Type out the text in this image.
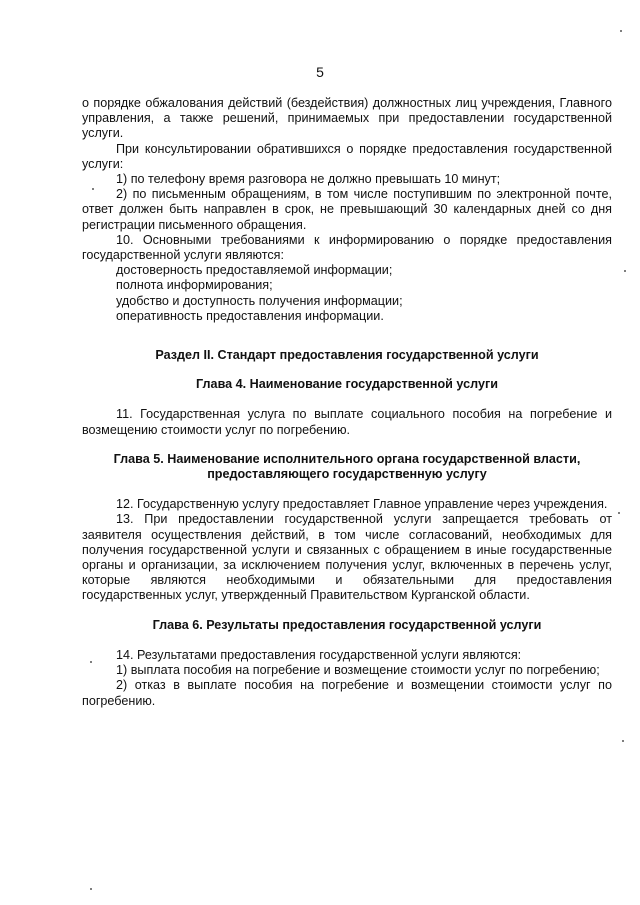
5

о порядке обжалования действий (бездействия) должностных лиц учреждения, Главного управления, а также решений, принимаемых при предоставлении государственной услуги.

При консультировании обратившихся о порядке предоставления государственной услуги:

1) по телефону время разговора не должно превышать 10 минут;

2) по письменным обращениям, в том числе поступившим по электронной почте, ответ должен быть направлен в срок, не превышающий 30 календарных дней со дня регистрации письменного обращения.

10. Основными требованиями к информированию о порядке предоставления государственной услуги являются:

достоверность предоставляемой информации;

полнота информирования;

удобство и доступность получения информации;

оперативность предоставления информации.

Раздел II. Стандарт предоставления государственной услуги

Глава 4. Наименование государственной услуги

11. Государственная услуга по выплате социального пособия на погребение и возмещению стоимости услуг по погребению.

Глава 5. Наименование исполнительного органа государственной власти,

предоставляющего государственную услугу

12. Государственную услугу предоставляет Главное управление через учреждения.

13. При предоставлении государственной услуги запрещается требовать от заявителя осуществления действий, в том числе согласований, необходимых для получения государственной услуги и связанных с обращением в иные государственные органы и организации, за исключением получения услуг, включенных в перечень услуг, которые являются необходимыми и обязательными для предоставления государственных услуг, утвержденный Правительством Курганской области.

Глава 6. Результаты предоставления государственной услуги

14. Результатами предоставления государственной услуги являются:

1) выплата пособия на погребение и возмещение стоимости услуг по погребению;

2) отказ в выплате пособия на погребение и возмещении стоимости услуг по погребению.
